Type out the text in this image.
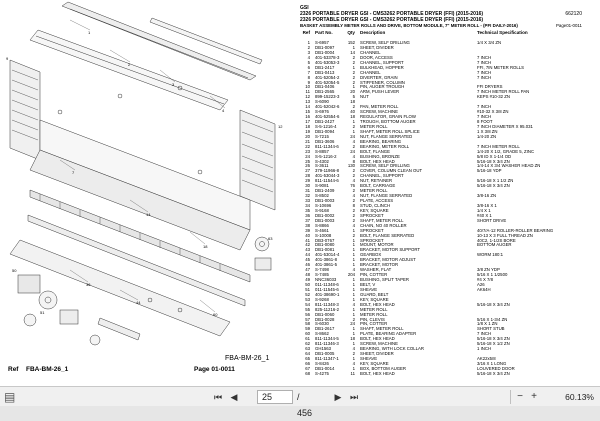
1
2
3
4
7
14
18
36
44
60
9
12
63
50
51
FBA-BM-26_1
Ref FBA-BM-26_1	Page 01-0011
GSI
2326 PORTABLE DRYER GSI - CMS3262 PORTABLE DRYER (FFI) (2015-2016)	662120
2326 PORTABLE DRYER GSI - CMS3262 PORTABLE DRYER (FFI) (2015-2016)
BASKET ASSEMBLY METER ROLLS AND DRIVE, BOTTOM MODULE, 7" METER ROLL - (PFI DAILY-2016)	Page01-0011
Ref Part No.	Qty Description	Technical Specification
1 S-6957	152 SCREW, SELF DRILLING	1/4 X 3/4 ZN
2 DB1-0097	1 SHEET, DIVIDER
3 DB1-0004	14 CHANNEL
4 401-53378-3	2 DOOR, ACCESS	7 INCH
5 401-53053-3	2 CHANNEL, SUPPORT	7 INCH
6 DB1-2417	1 BULKHEAD, HOPPER	FFI, 7IN METER ROLLS
7 DB1-0413	2 CHANNEL	7 INCH
8 401-52054-2	2 DIVERTER, GRAIN	7 INCH
9 401-52054-5	2 STIFFENER, COLUMN
10 DB1-0406	1 PIN, AUGER TROUGH	FFI DRYERS
11 DB1-2565	20 ARM, PUSH LEVER	7 INCH METER ROLL PAN
12 899-15223-3	5 NUT	KEPS #10-32 ZN
13 S-6090	18
14 401-52042-6	2 PAN, METER ROLL	7 INCH
15 S-6976	40 SCREW, MACHINE	#10-32 X 3/8 ZN
16 401-52554-6	18 REGULATOR, GRAIN FLOW	7 INCH
17 DB1-2427	1 TROUGH, BOTTOM AUGER	8 FOOT
18 S-5-1216-4	2 METER ROLL	7 INCH DIAMETER X 95.031
19 DB1-0094	1 SHAFT, METER ROLL SPLICE	1 X 3/8 ZN
20 S-7215	24 NUT, FLANGE SERRATED	1/4-20 ZN
21 DB1-3606	4 BEARING, BEARING
22 811-11344-6	2 BEARING, METER ROLL	7 INCH METER ROLL
23 S-8857	24 BOLT, FLANGE	1/4-20 X 1/2, GRADE 5, ZINC
24 S-5-1216-2	4 BUSHING, BRONZE	5/8 ID X 1-1/4 OD
25 S-4302	8 BOLT, HEX HEAD	5/16-18 X 3/4 ZN
26 S-3611	130 SCREW, SELF DRILLING	1/4-14 X 3/4 WASHER HEAD ZN
27 379-11966-8	2 COVER, COLUMN CLEAN OUT	5/16-18 YDP
28 401-53044-3	2 CHANNEL, SUPPORT
29 811-11544-6	4 NUT, RETAINER	5/16-18 X 1 1/2 ZN
30 S-9081	76 BOLT, CARRIAGE	5/16-18 X 3/4 ZN
31 DB1-2409	2 METER ROLL
32 S-8502	4 NUT, FLANGE SERRATED	3/8-16 ZN
33 DB1-0003	2 PLATE, ACCESS
34 S-10696	8 STUD, CLINCH	3/8-16 X 1
35 S-9168	2 KEY, SQUARE	1/4 X 1
36 DB1-0002	2 SPROCKET	#40 X 1
37 DB1-0003	2 SHAFT, METER ROLL	SHORT DRIVE
38 S-8866	4 CHAIN, NO 40 ROLLER
39 S-4661	1 SPROCKET	40/7/A-12 ROLLER-ROLLER BEARING
40 S-10008	2 BOLT, FLANGE SERRATED	10-13 X 3 FULL THREAD ZN
41 DB3-0767	1 SPROCKET	40C2, 1-1/2S BORE
42 DB1-0080	1 MOUNT, MOTOR	BOTTOM AUGER
43 DB1-0081	1 BRACKET, MOTOR SUPPORT
44 401-53014-4	1 GEARBOX	WORM 180:1
45 401-3861-8	1 BRACKET, MOTOR ADJUST
46 401-3861-5	1 BRACKET, MOTOR
47 S-7498	4 WASHER, FLAT	3/8 ZN YDP
48 S-7485	204 PIN, COTTER	5/16 X 1 1/2500
49 NNC36033	1 BUSHING, SPLIT TAPER	#4 X 7/8
50 011-11348-6	1 BELT, V	A26
51 011-11545-6	1 SHEAVE	AK64H
52 401-38690-1	1 GUARD, BELT
53 S-9268	1 KEY, SQUARE
54 811-11348-3	4 BOLT, HEX HEAD	5/16-18 X 3/4 ZN
55 825-11216-2	1 METER ROLL
56 DB1-0060	1 METER ROLL
57 DB1-0028	2 PIN, CLEVIS	5/16 X 1-3/4 ZN
58 S-6030	24 PIN, COTTER	1/8 X 1 ZN
59 DB1-2617	1 SHAFT, METER ROLL	SHORT STUB
60 S-8662	1 PLATE, BEARING ADAPTER	7 INCH
61 811-11344-5	18 BOLT, HEX HEAD	5/16-18 X 3/4 ZN
62 811-11346-3	1 SCREW, MACHINE	5/16-18 X 1/2 ZN
63 GH1563	4 BEARING, WITH LOCK COLLAR	1 INCH
64 DB1-0005	2 SHEET, DIVIDER
65 811-11347-1	1 SHEAVE	AK22x5/8
66 S-8426	4 KEY, SQUARE	3/16 X 1 LONG
67 DB1-0014	1 BOX, BOTTOM AUGER	LOUVERED DOOR
68 S-4275	11 BOLT, HEX HEAD	5/16-18 X 3/4 ZN
▤	⏮ ◀	25	/ 456
▶ ⏭	− +	60.13%
